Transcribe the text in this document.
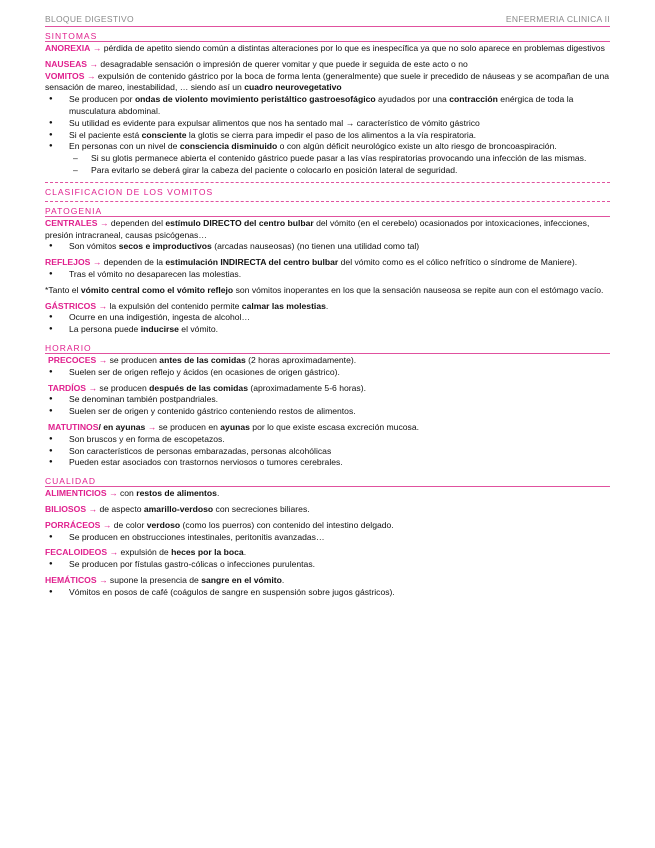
BLOQUE DIGESTIVO	ENFERMERIA CLINICA II
SINTOMAS
ANOREXIA → pérdida de apetito siendo común a distintas alteraciones por lo que es inespecífica ya que no solo aparece en problemas digestivos
NAUSEAS → desagradable sensación o impresión de querer vomitar y que puede ir seguida de este acto o no
VOMITOS → expulsión de contenido gástrico por la boca de forma lenta (generalmente) que suele ir precedido de náuseas y se acompañan de una sensación de mareo, inestabilidad, … siendo así un cuadro neurovegetativo
● Se producen por ondas de violento movimiento peristáltico gastroesofágico ayudados por una contracción enérgica de toda la musculatura abdominal.
● Su utilidad es evidente para expulsar alimentos que nos ha sentado mal → característico de vómito gástrico
● Si el paciente está consciente la glotis se cierra para impedir el paso de los alimentos a la vía respiratoria.
● En personas con un nivel de consciencia disminuido o con algún déficit neurológico existe un alto riesgo de broncoaspiración.
– Si su glotis permanece abierta el contenido gástrico puede pasar a las vías respiratorias provocando una infección de las mismas.
– Para evitarlo se deberá girar la cabeza del paciente o colocarlo en posición lateral de seguridad.
CLASIFICACION DE LOS VOMITOS
PATOGENIA
CENTRALES → dependen del estímulo DIRECTO del centro bulbar del vómito (en el cerebelo) ocasionados por intoxicaciones, infecciones, presión intracraneal, causas psicógenas…
● Son vómitos secos e improductivos (arcadas nauseosas) (no tienen una utilidad como tal)
REFLEJOS → dependen de la estimulación INDIRECTA del centro bulbar del vómito como es el cólico nefrítico o síndrome de Maniere).
● Tras el vómito no desaparecen las molestias.
*Tanto el vómito central como el vómito reflejo son vómitos inoperantes en los que la sensación nauseosa se repite aun con el estómago vacío.
GÁSTRICOS → la expulsión del contenido permite calmar las molestias.
● Ocurre en una indigestión, ingesta de alcohol…
● La persona puede inducirse el vómito.
HORARIO
PRECOCES → se producen antes de las comidas (2 horas aproximadamente).
● Suelen ser de origen reflejo y ácidos (en ocasiones de origen gástrico).
TARDÍOS → se producen después de las comidas (aproximadamente 5-6 horas).
● Se denominan también postpandriales.
● Suelen ser de origen y contenido gástrico conteniendo restos de alimentos.
MATUTINOS/ en ayunas → se producen en ayunas por lo que existe escasa excreción mucosa.
● Son bruscos y en forma de escopetazos.
● Son característicos de personas embarazadas, personas alcohólicas
● Pueden estar asociados con trastornos nerviosos o tumores cerebrales.
CUALIDAD
ALIMENTICIOS → con restos de alimentos.
BILIOSOS → de aspecto amarillo-verdoso con secreciones biliares.
PORRÁCEOS → de color verdoso (como los puerros) con contenido del intestino delgado.
● Se producen en obstrucciones intestinales, peritonitis avanzadas…
FECALOIDEOS → expulsión de heces por la boca.
● Se producen por fístulas gastro-cólicas o infecciones purulentas.
HEMÁTICOS → supone la presencia de sangre en el vómito.
● Vómitos en posos de café (coágulos de sangre en suspensión sobre jugos gástricos).
